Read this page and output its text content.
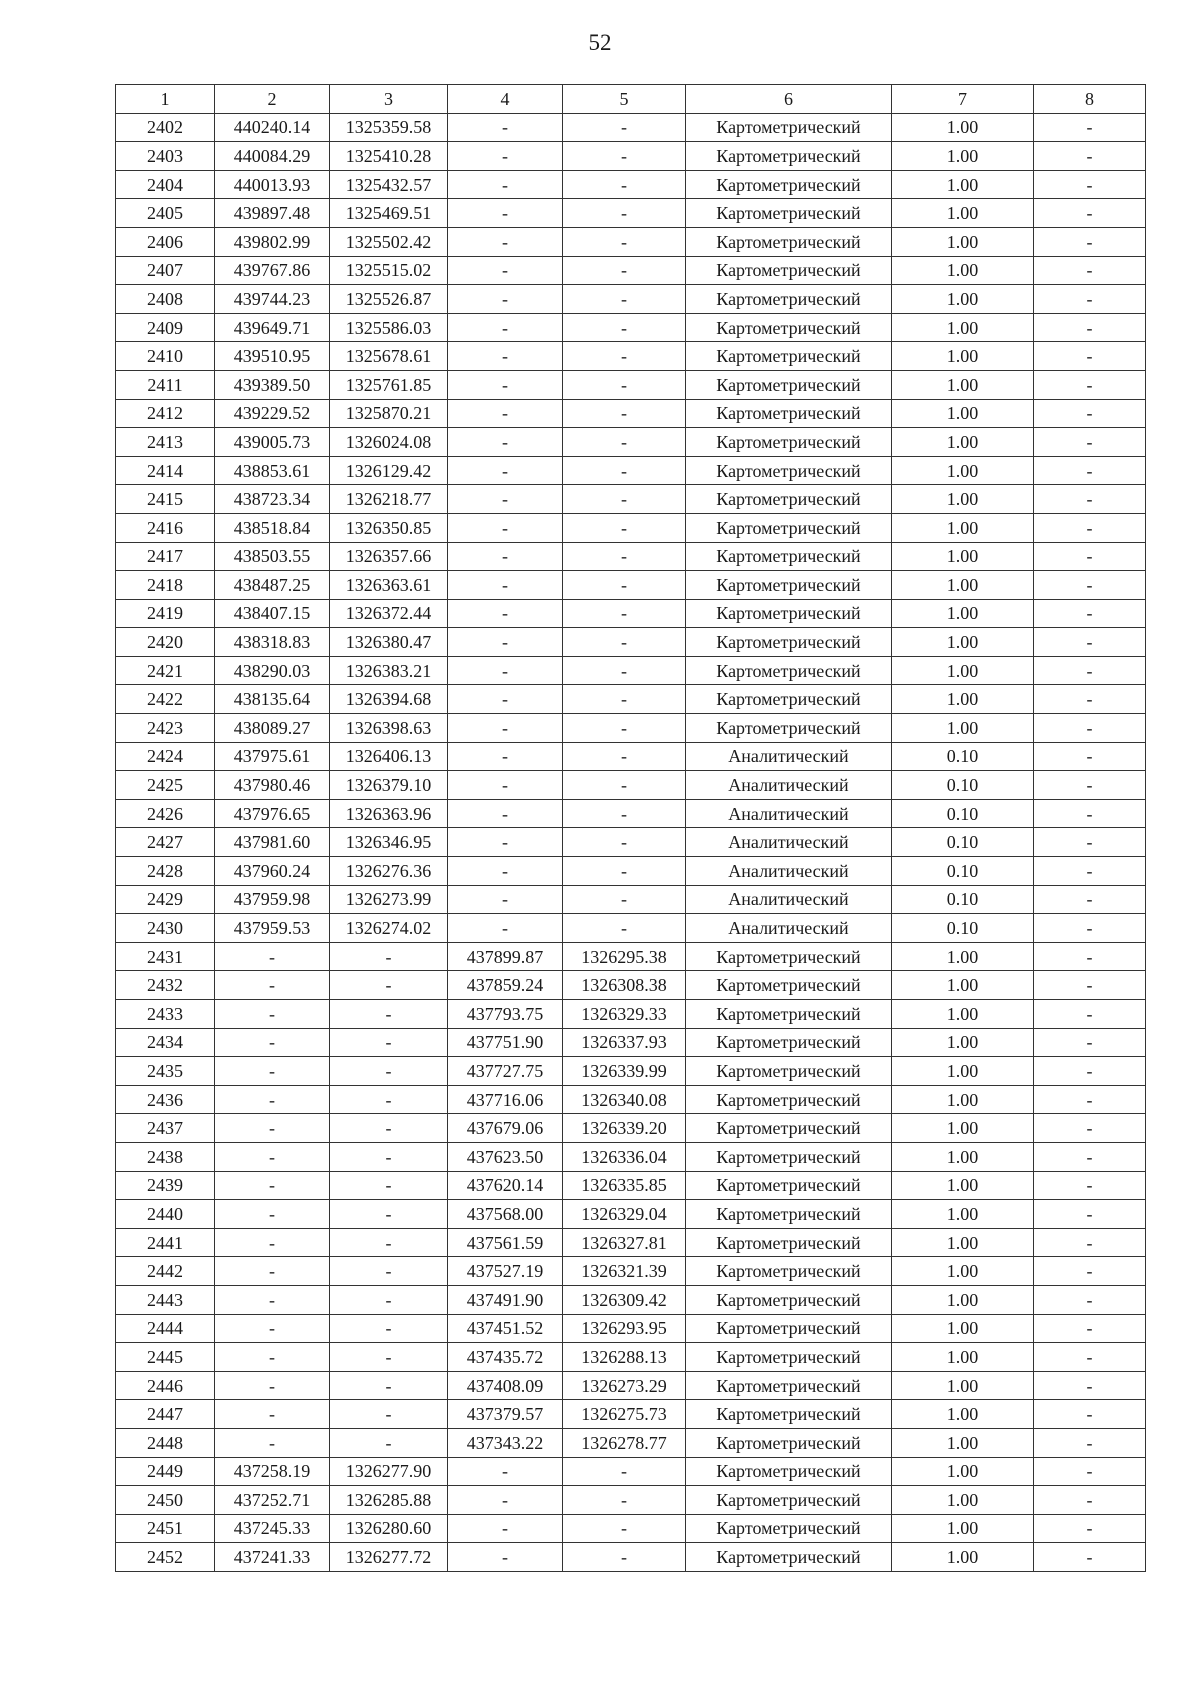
52
1	2	3	4	5	6	7	8
2402	440240.14	1325359.58	-	-	Картометрический	1.00	-
2403	440084.29	1325410.28	-	-	Картометрический	1.00	-
2404	440013.93	1325432.57	-	-	Картометрический	1.00	-
2405	439897.48	1325469.51	-	-	Картометрический	1.00	-
2406	439802.99	1325502.42	-	-	Картометрический	1.00	-
2407	439767.86	1325515.02	-	-	Картометрический	1.00	-
2408	439744.23	1325526.87	-	-	Картометрический	1.00	-
2409	439649.71	1325586.03	-	-	Картометрический	1.00	-
2410	439510.95	1325678.61	-	-	Картометрический	1.00	-
2411	439389.50	1325761.85	-	-	Картометрический	1.00	-
2412	439229.52	1325870.21	-	-	Картометрический	1.00	-
2413	439005.73	1326024.08	-	-	Картометрический	1.00	-
2414	438853.61	1326129.42	-	-	Картометрический	1.00	-
2415	438723.34	1326218.77	-	-	Картометрический	1.00	-
2416	438518.84	1326350.85	-	-	Картометрический	1.00	-
2417	438503.55	1326357.66	-	-	Картометрический	1.00	-
2418	438487.25	1326363.61	-	-	Картометрический	1.00	-
2419	438407.15	1326372.44	-	-	Картометрический	1.00	-
2420	438318.83	1326380.47	-	-	Картометрический	1.00	-
2421	438290.03	1326383.21	-	-	Картометрический	1.00	-
2422	438135.64	1326394.68	-	-	Картометрический	1.00	-
2423	438089.27	1326398.63	-	-	Картометрический	1.00	-
2424	437975.61	1326406.13	-	-	Аналитический	0.10	-
2425	437980.46	1326379.10	-	-	Аналитический	0.10	-
2426	437976.65	1326363.96	-	-	Аналитический	0.10	-
2427	437981.60	1326346.95	-	-	Аналитический	0.10	-
2428	437960.24	1326276.36	-	-	Аналитический	0.10	-
2429	437959.98	1326273.99	-	-	Аналитический	0.10	-
2430	437959.53	1326274.02	-	-	Аналитический	0.10	-
2431	-	-	437899.87	1326295.38	Картометрический	1.00	-
2432	-	-	437859.24	1326308.38	Картометрический	1.00	-
2433	-	-	437793.75	1326329.33	Картометрический	1.00	-
2434	-	-	437751.90	1326337.93	Картометрический	1.00	-
2435	-	-	437727.75	1326339.99	Картометрический	1.00	-
2436	-	-	437716.06	1326340.08	Картометрический	1.00	-
2437	-	-	437679.06	1326339.20	Картометрический	1.00	-
2438	-	-	437623.50	1326336.04	Картометрический	1.00	-
2439	-	-	437620.14	1326335.85	Картометрический	1.00	-
2440	-	-	437568.00	1326329.04	Картометрический	1.00	-
2441	-	-	437561.59	1326327.81	Картометрический	1.00	-
2442	-	-	437527.19	1326321.39	Картометрический	1.00	-
2443	-	-	437491.90	1326309.42	Картометрический	1.00	-
2444	-	-	437451.52	1326293.95	Картометрический	1.00	-
2445	-	-	437435.72	1326288.13	Картометрический	1.00	-
2446	-	-	437408.09	1326273.29	Картометрический	1.00	-
2447	-	-	437379.57	1326275.73	Картометрический	1.00	-
2448	-	-	437343.22	1326278.77	Картометрический	1.00	-
2449	437258.19	1326277.90	-	-	Картометрический	1.00	-
2450	437252.71	1326285.88	-	-	Картометрический	1.00	-
2451	437245.33	1326280.60	-	-	Картометрический	1.00	-
2452	437241.33	1326277.72	-	-	Картометрический	1.00	-
